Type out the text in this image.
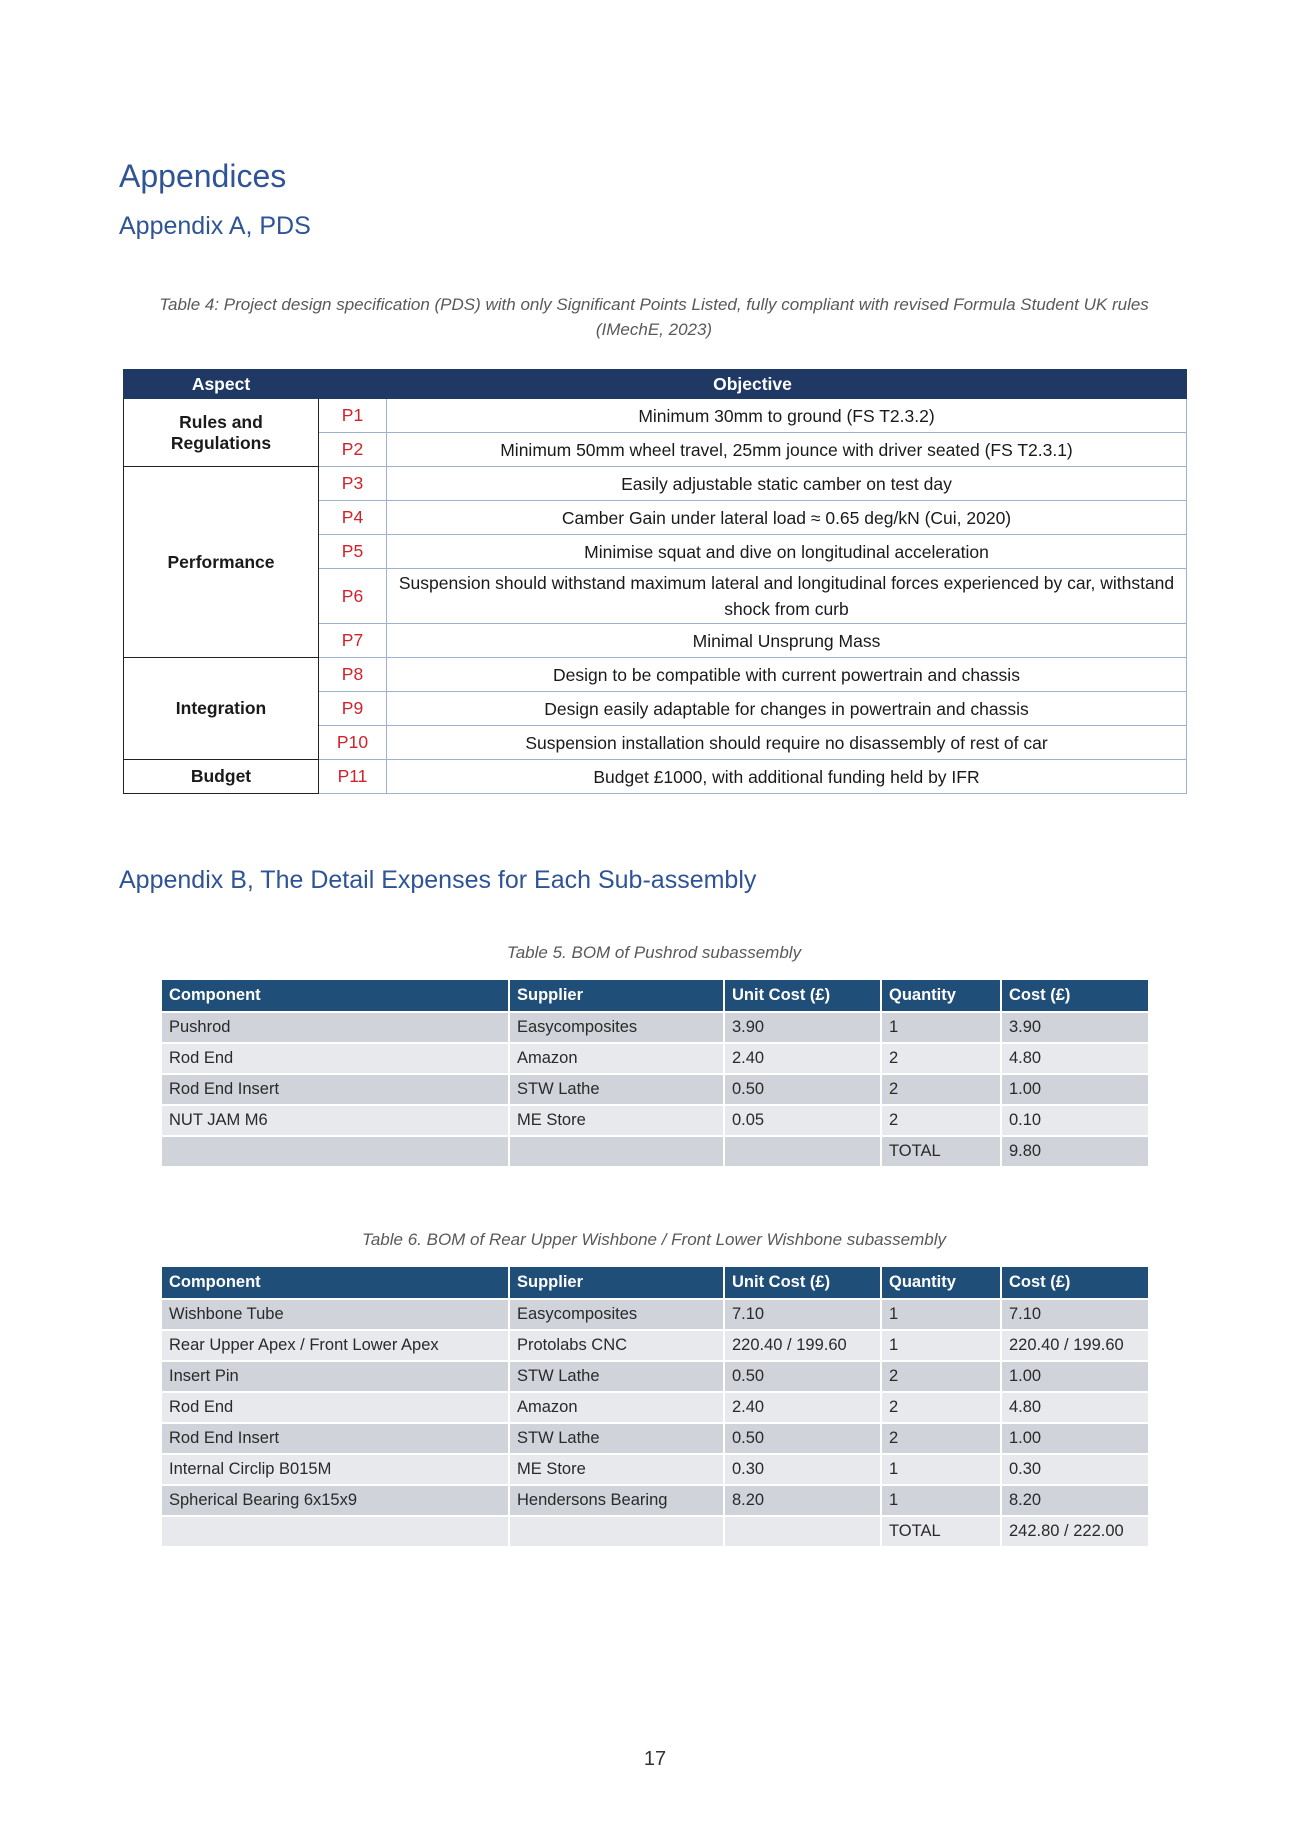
Appendices
Appendix A, PDS
Table 4: Project design specification (PDS) with only Significant Points Listed, fully compliant with revised Formula Student UK rules
(IMechE, 2023)
Aspect	Objective	
Rules and Regulations	P1	Minimum 30mm to ground (FS T2.3.2)
	P2	Minimum 50mm wheel travel, 25mm jounce with driver seated (FS T2.3.1)
Performance	P3	Easily adjustable static camber on test day
	P4	Camber Gain under lateral load ≈ 0.65 deg/kN (Cui, 2020)
	P5	Minimise squat and dive on longitudinal acceleration
	P6	Suspension should withstand maximum lateral and longitudinal forces experienced by car, withstand shock from curb
	P7	Minimal Unsprung Mass
Integration	P8	Design to be compatible with current powertrain and chassis
	P9	Design easily adaptable for changes in powertrain and chassis
	P10	Suspension installation should require no disassembly of rest of car
Budget	P11	Budget £1000, with additional funding held by IFR
Appendix B, The Detail Expenses for Each Sub-assembly
Table 5. BOM of Pushrod subassembly
Component	Supplier	Unit Cost (£)	Quantity	Cost (£)
Pushrod	Easycomposites	3.90	1	3.90
Rod End	Amazon	2.40	2	4.80
Rod End Insert	STW Lathe	0.50	2	1.00
NUT JAM M6	ME Store	0.05	2	0.10
			TOTAL	9.80
Table 6. BOM of Rear Upper Wishbone / Front Lower Wishbone subassembly
Component	Supplier	Unit Cost (£)	Quantity	Cost (£)
Wishbone Tube	Easycomposites	7.10	1	7.10
Rear Upper Apex / Front Lower Apex	Protolabs CNC	220.40 / 199.60	1	220.40 / 199.60
Insert Pin	STW Lathe	0.50	2	1.00
Rod End	Amazon	2.40	2	4.80
Rod End Insert	STW Lathe	0.50	2	1.00
Internal Circlip B015M	ME Store	0.30	1	0.30
Spherical Bearing 6x15x9	Hendersons Bearing	8.20	1	8.20
			TOTAL	242.80 / 222.00
17
